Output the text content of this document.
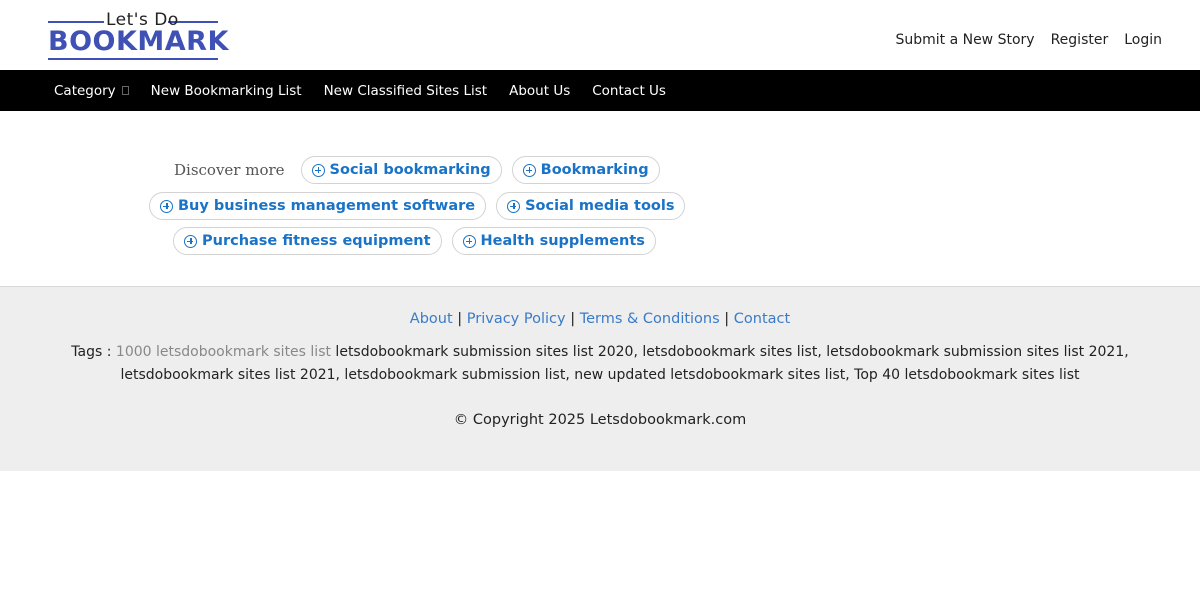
Let's Do
BOOKMARK	Submit a New Story Register Login
Category	New Bookmarking List New Classified Sites List About Us Contact Us
Discover more	Social bookmarking	Bookmarking
Buy business management software	Social media tools
Purchase fitness equipment	Health supplements
About | Privacy Policy | Terms & Conditions | Contact
Tags : 1000 letsdobookmark sites list letsdobookmark submission sites list 2020, letsdobookmark sites list, letsdobookmark submission sites list 2021, letsdobookmark sites list 2021, letsdobookmark submission list, new updated letsdobookmark sites list, Top 40 letsdobookmark sites list
© Copyright 2025 Letsdobookmark.com
